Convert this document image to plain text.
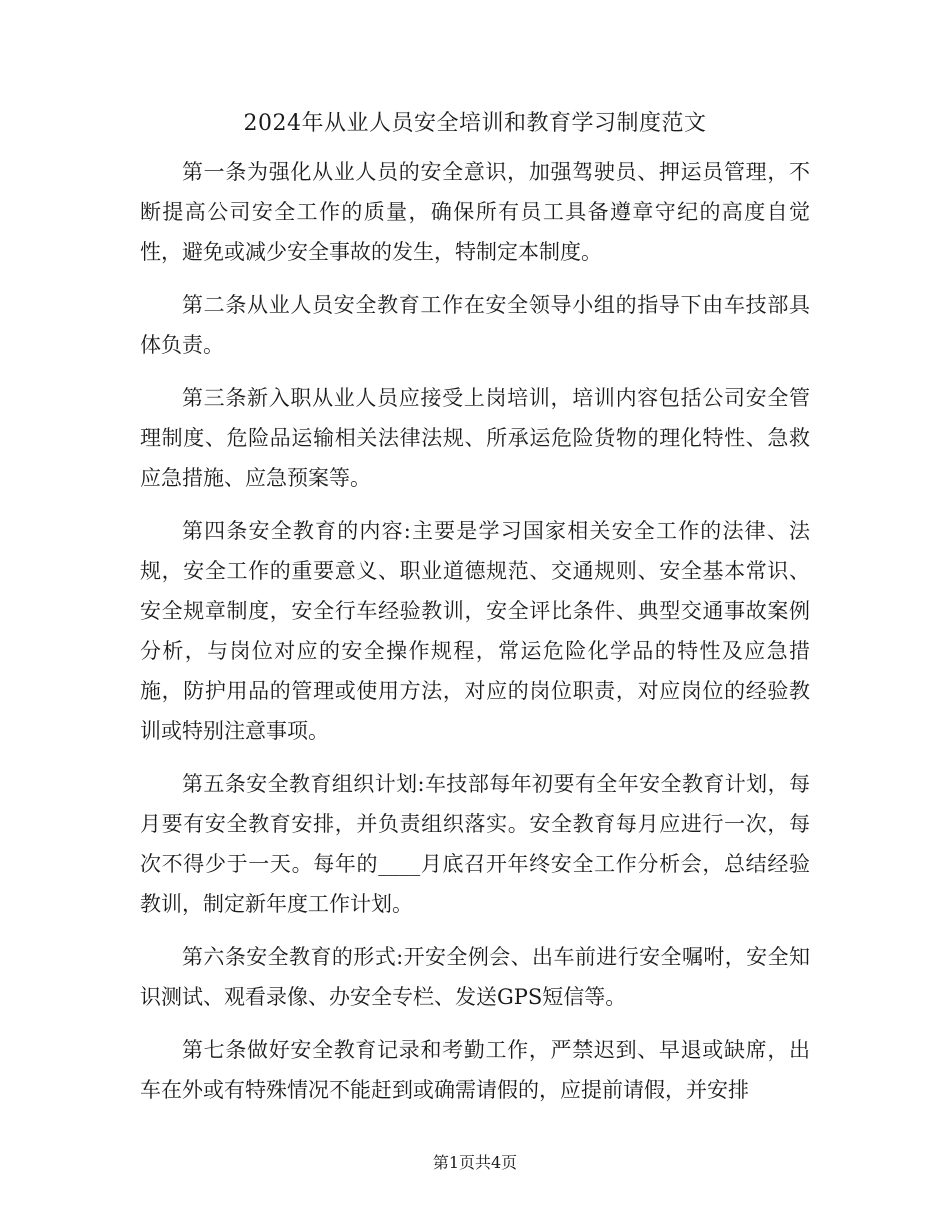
2024年从业人员安全培训和教育学习制度范文

第一条为强化从业人员的安全意识，加强驾驶员、押运员管理，不断提高公司安全工作的质量，确保所有员工具备遵章守纪的高度自觉性，避免或减少安全事故的发生，特制定本制度。

第二条从业人员安全教育工作在安全领导小组的指导下由车技部具体负责。

第三条新入职从业人员应接受上岗培训，培训内容包括公司安全管理制度、危险品运输相关法律法规、所承运危险货物的理化特性、急救应急措施、应急预案等。

第四条安全教育的内容:主要是学习国家相关安全工作的法律、法规，安全工作的重要意义、职业道德规范、交通规则、安全基本常识、安全规章制度，安全行车经验教训，安全评比条件、典型交通事故案例分析，与岗位对应的安全操作规程，常运危险化学品的特性及应急措施，防护用品的管理或使用方法，对应的岗位职责，对应岗位的经验教训或特别注意事项。

第五条安全教育组织计划:车技部每年初要有全年安全教育计划，每月要有安全教育安排，并负责组织落实。安全教育每月应进行一次，每次不得少于一天。每年的____月底召开年终安全工作分析会，总结经验教训，制定新年度工作计划。

第六条安全教育的形式:开安全例会、出车前进行安全嘱咐，安全知识测试、观看录像、办安全专栏、发送GPS短信等。

第七条做好安全教育记录和考勤工作，严禁迟到、早退或缺席，出车在外或有特殊情况不能赶到或确需请假的，应提前请假，并安排

第1页共4页
